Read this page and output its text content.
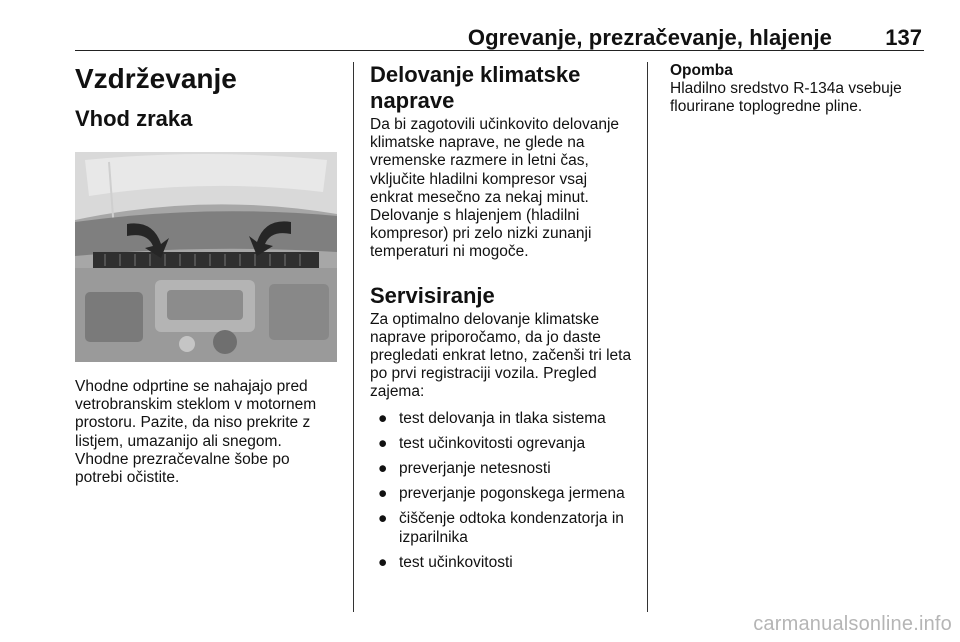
Ogrevanje, prezračevanje, hlajenje 137
Vzdrževanje
Vhod zraka

Vhodne odprtine se nahajajo pred vetrobranskim steklom v motornem prostoru. Pazite, da niso prekrite z listjem, umazanijo ali snegom. Vhodne prezračevalne šobe po potrebi očistite.

Delovanje klimatske naprave

Da bi zagotovili učinkovito delovanje klimatske naprave, ne glede na vremenske razmere in letni čas, vključite hladilni kompresor vsaj enkrat mesečno za nekaj minut. Delovanje s hlajenjem (hladilni kompresor) pri zelo nizki zunanji temperaturi ni mogoče.

Servisiranje

Za optimalno delovanje klimatske naprave priporočamo, da jo daste pregledati enkrat letno, začenši tri leta po prvi registraciji vozila. Pregled zajema:

● test delovanja in tlaka sistema
● test učinkovitosti ogrevanja
● preverjanje netesnosti
● preverjanje pogonskega jermena
● čiščenje odtoka kondenzatorja in izparilnika
● test učinkovitosti

Opomba

Hladilno sredstvo R-134a vsebuje flourirane toplogredne pline.

carmanualsonline.info
